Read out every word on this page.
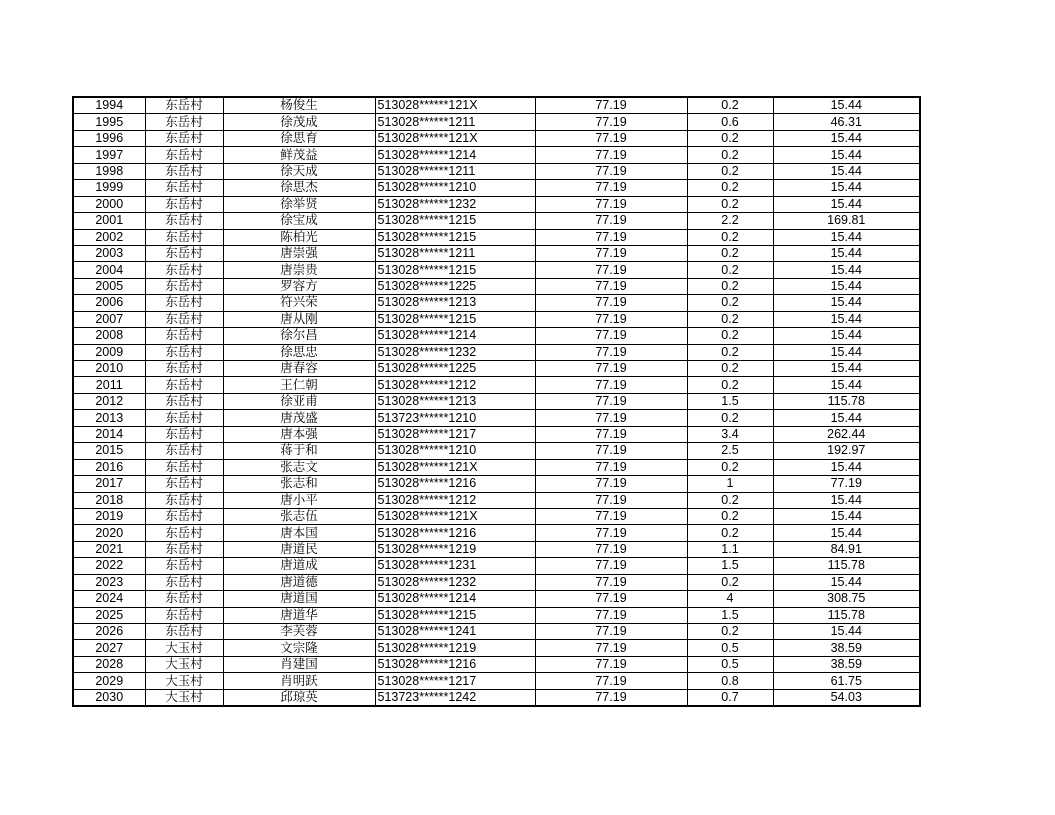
1994	东岳村	杨俊生	513028******121X	77.19	0.2	15.44
1995	东岳村	徐茂成	513028******1211	77.19	0.6	46.31
1996	东岳村	徐思育	513028******121X	77.19	0.2	15.44
1997	东岳村	鲜茂益	513028******1214	77.19	0.2	15.44
1998	东岳村	徐天成	513028******1211	77.19	0.2	15.44
1999	东岳村	徐思杰	513028******1210	77.19	0.2	15.44
2000	东岳村	徐举贤	513028******1232	77.19	0.2	15.44
2001	东岳村	徐宝成	513028******1215	77.19	2.2	169.81
2002	东岳村	陈柏光	513028******1215	77.19	0.2	15.44
2003	东岳村	唐崇强	513028******1211	77.19	0.2	15.44
2004	东岳村	唐崇贵	513028******1215	77.19	0.2	15.44
2005	东岳村	罗容方	513028******1225	77.19	0.2	15.44
2006	东岳村	符兴荣	513028******1213	77.19	0.2	15.44
2007	东岳村	唐从刚	513028******1215	77.19	0.2	15.44
2008	东岳村	徐尔昌	513028******1214	77.19	0.2	15.44
2009	东岳村	徐思忠	513028******1232	77.19	0.2	15.44
2010	东岳村	唐春容	513028******1225	77.19	0.2	15.44
2011	东岳村	王仁朝	513028******1212	77.19	0.2	15.44
2012	东岳村	徐亚甫	513028******1213	77.19	1.5	115.78
2013	东岳村	唐茂盛	513723******1210	77.19	0.2	15.44
2014	东岳村	唐本强	513028******1217	77.19	3.4	262.44
2015	东岳村	蒋于和	513028******1210	77.19	2.5	192.97
2016	东岳村	张志文	513028******121X	77.19	0.2	15.44
2017	东岳村	张志和	513028******1216	77.19	1	77.19
2018	东岳村	唐小平	513028******1212	77.19	0.2	15.44
2019	东岳村	张志伍	513028******121X	77.19	0.2	15.44
2020	东岳村	唐本国	513028******1216	77.19	0.2	15.44
2021	东岳村	唐道民	513028******1219	77.19	1.1	84.91
2022	东岳村	唐道成	513028******1231	77.19	1.5	115.78
2023	东岳村	唐道德	513028******1232	77.19	0.2	15.44
2024	东岳村	唐道国	513028******1214	77.19	4	308.75
2025	东岳村	唐道华	513028******1215	77.19	1.5	115.78
2026	东岳村	李芙蓉	513028******1241	77.19	0.2	15.44
2027	大玉村	文宗隆	513028******1219	77.19	0.5	38.59
2028	大玉村	肖建国	513028******1216	77.19	0.5	38.59
2029	大玉村	肖明跃	513028******1217	77.19	0.8	61.75
2030	大玉村	邱琼英	513723******1242	77.19	0.7	54.03
